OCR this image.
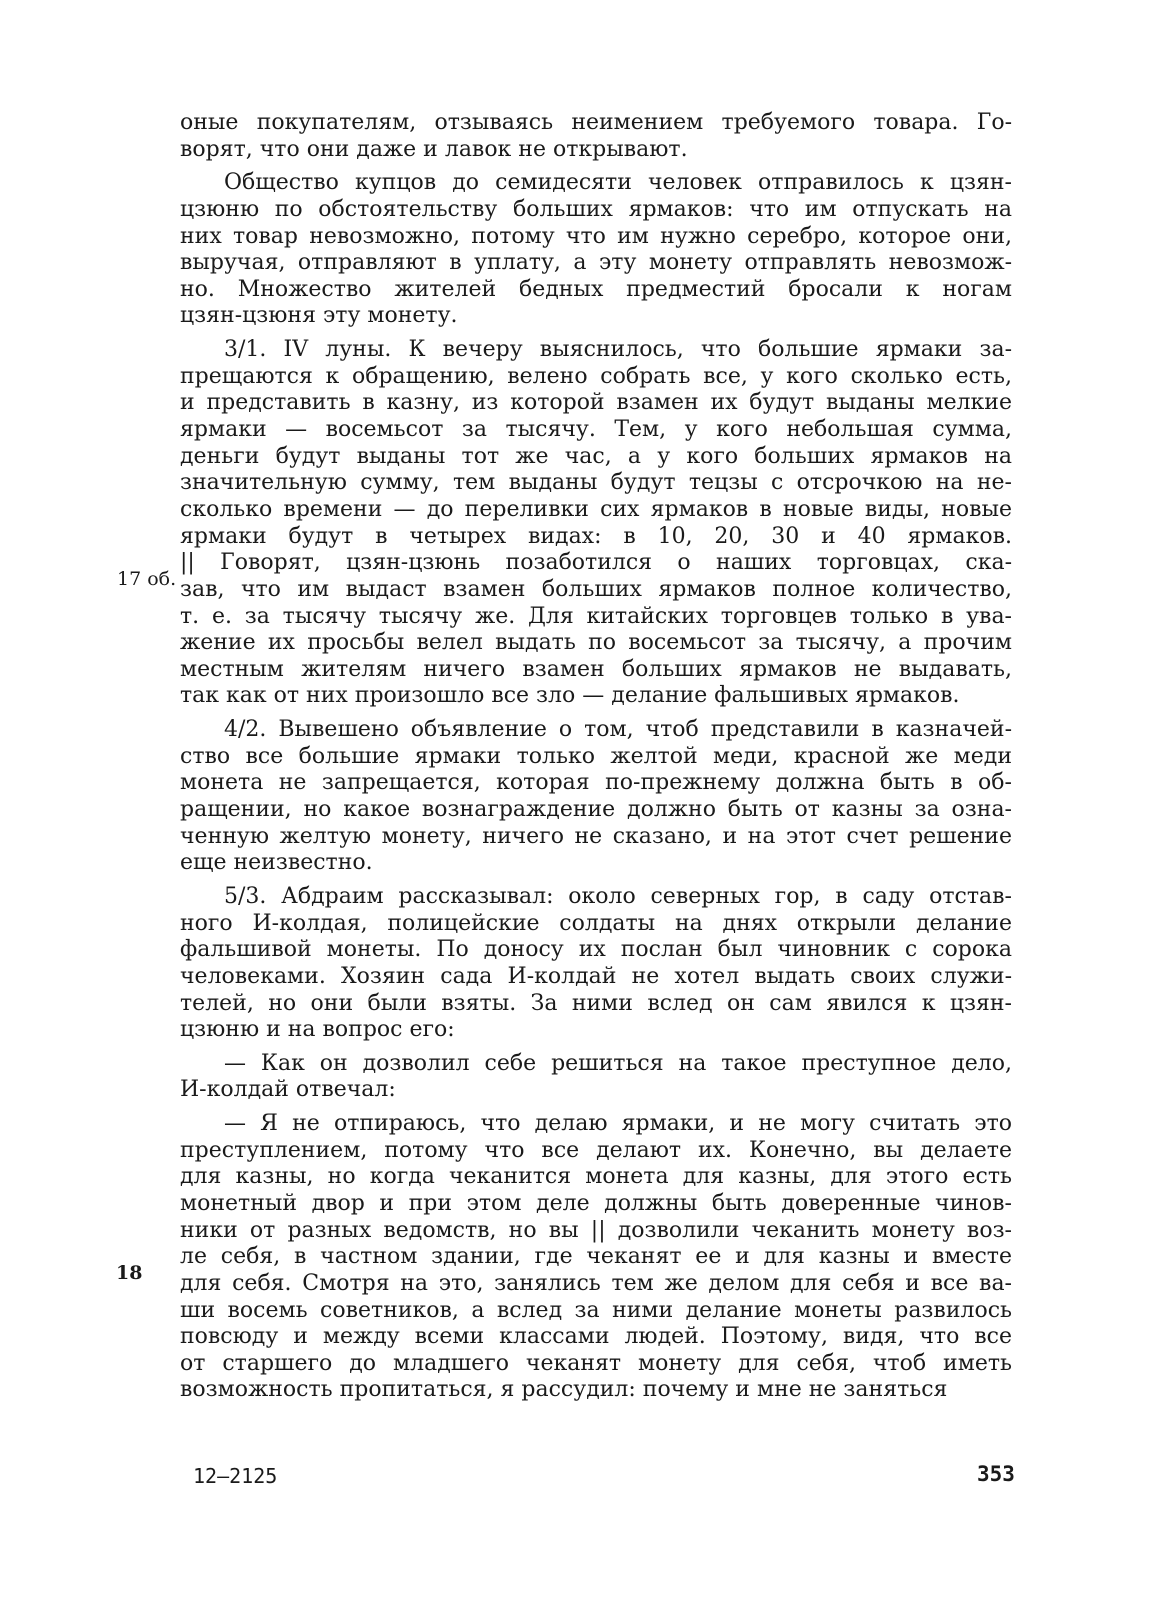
оные покупателям, отзываясь неимением требуемого товара. Го-
ворят, что они даже и лавок не открывают.
Общество купцов до семидесяти человек отправилось к цзян-
цзюню по обстоятельству больших ярмаков: что им отпускать на
них товар невозможно, потому что им нужно серебро, которое они,
выручая, отправляют в уплату, а эту монету отправлять невозмож-
но. Множество жителей бедных предместий бросали к ногам
цзян-цзюня эту монету.
3/1. IV луны. К вечеру выяснилось, что большие ярмаки за-
прещаются к обращению, велено собрать все, у кого сколько есть,
и представить в казну, из которой взамен их будут выданы мелкие
ярмаки — восемьсот за тысячу. Тем, у кого небольшая сумма,
деньги будут выданы тот же час, а у кого больших ярмаков на
значительную сумму, тем выданы будут тецзы с отсрочкою на не-
сколько времени — до переливки сих ярмаков в новые виды, новые
ярмаки будут в четырех видах: в 10, 20, 30 и 40 ярмаков.
|| Говорят, цзян-цзюнь позаботился о наших торговцах, ска-
зав, что им выдаст взамен больших ярмаков полное количество,
т. е. за тысячу тысячу же. Для китайских торговцев только в ува-
жение их просьбы велел выдать по восемьсот за тысячу, а прочим
местным жителям ничего взамен больших ярмаков не выдавать,
так как от них произошло все зло — делание фальшивых ярмаков.
4/2. Вывешено объявление о том, чтоб представили в казначей-
ство все большие ярмаки только желтой меди, красной же меди
монета не запрещается, которая по-прежнему должна быть в об-
ращении, но какое вознаграждение должно быть от казны за озна-
ченную желтую монету, ничего не сказано, и на этот счет решение
еще неизвестно.
5/3. Абдраим рассказывал: около северных гор, в саду отстав-
ного И-колдая, полицейские солдаты на днях открыли делание
фальшивой монеты. По доносу их послан был чиновник с сорока
человеками. Хозяин сада И-колдай не хотел выдать своих служи-
телей, но они были взяты. За ними вслед он сам явился к цзян-
цзюню и на вопрос его:
— Как он дозволил себе решиться на такое преступное дело,
И-колдай отвечал:
— Я не отпираюсь, что делаю ярмаки, и не могу считать это
преступлением, потому что все делают их. Конечно, вы делаете
для казны, но когда чеканится монета для казны, для этого есть
монетный двор и при этом деле должны быть доверенные чинов-
ники от разных ведомств, но вы || дозволили чеканить монету воз-
ле себя, в частном здании, где чеканят ее и для казны и вместе
для себя. Смотря на это, занялись тем же делом для себя и все ва-
ши восемь советников, а вслед за ними делание монеты развилось
повсюду и между всеми классами людей. Поэтому, видя, что все
от старшего до младшего чеканят монету для себя, чтоб иметь
возможность пропитаться, я рассудил: почему и мне не заняться
17 об.
18
12—2125	353
